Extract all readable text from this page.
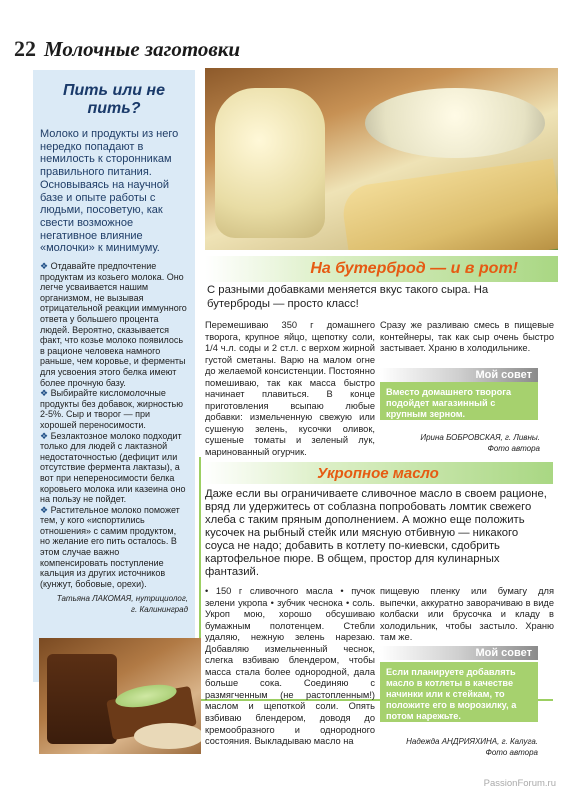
22 Молочные заготовки
Пить или не пить?
Молоко и продукты из него нередко попадают в немилость к сторонникам правильного питания. Основываясь на научной базе и опыте работы с людьми, посоветую, как свести возможное негативное влияние «молочки» к минимуму.

❖ Отдавайте предпочтение продуктам из козьего молока. Оно легче усваивается нашим организмом, не вызывая отрицательной реакции иммунного ответа у большего процента людей. Вероятно, сказывается факт, что козье молоко появилось в рационе человека намного раньше, чем коровье, и ферменты для усвоения этого белка имеют более прочную базу.

❖ Выбирайте кисломолочные продукты без добавок, жирностью 2-5%. Сыр и творог — при хорошей переносимости.

❖ Безлактозное молоко подходит только для людей с лактазной недостаточностью (дефицит или отсутствие фермента лактазы), а вот при непереносимости белка коровьего молока или казеина оно на пользу не пойдет.

❖ Растительное молоко поможет тем, у кого «испортились отношения» с самим продуктом, но желание его пить осталось. В этом случае важно компенсировать поступление кальция из других источников (кунжут, бобовые, орехи).

Татьяна ЛАКОМАЯ, нутрициолог,
г. Калининград
На бутерброд — и в рот!
С разными добавками меняется вкус такого сыра. На бутерброды — просто класс!
Перемешиваю 350 г домашнего творога, крупное яйцо, щепотку соли, 1/4 ч.л. соды и 2 ст.л. с верхом жирной густой сметаны. Варю на малом огне до желаемой консистенции. Постоянно помешиваю, так как масса быстро начинает плавиться. В конце приготовления всыпаю любые добавки: измельченную свежую или сушеную зелень, кусочки оливок, сушеные томаты и зеленый лук, маринованный огурчик.
Сразу же разливаю смесь в пищевые контейнеры, так как сыр очень быстро застывает. Храню в холодильнике.
Мой совет
Вместо домашнего творога подойдет магазинный с крупным зерном.
Ирина БОБРОВСКАЯ, г. Ливны.
Фото автора
Укропное масло
Даже если вы ограничиваете сливочное масло в своем рационе, вряд ли удержитесь от соблазна попробовать ломтик свежего хлеба с таким пряным дополнением. А можно еще положить кусочек на рыбный стейк или мясную отбивную — никакого соуса не надо; добавить в котлету по-киевски, сдобрить картофельное пюре. В общем, простор для кулинарных фантазий.
• 150 г сливочного масла • пучок зелени укропа • зубчик чеснока • соль. Укроп мою, хорошо обсушиваю бумажным полотенцем. Стебли удаляю, нежную зелень нарезаю. Добавляю измельченный чеснок, слегка взбиваю блендером, чтобы масса стала более однородной, дала больше сока. Соединяю с размягченным (не растопленным!) маслом и щепоткой соли. Опять взбиваю блендером, доводя до кремообразного и однородного состояния. Выкладываю масло на
пищевую пленку или бумагу для выпечки, аккуратно заворачиваю в виде колбаски или брусочка и кладу в холодильник, чтобы застыло. Храню там же.
Мой совет
Если планируете добавлять масло в котлеты в качестве начинки или к стейкам, то положите его в морозилку, а потом нарежьте.
Надежда АНДРИЯХИНА, г. Калуга.
Фото автора
PassionForum.ru
